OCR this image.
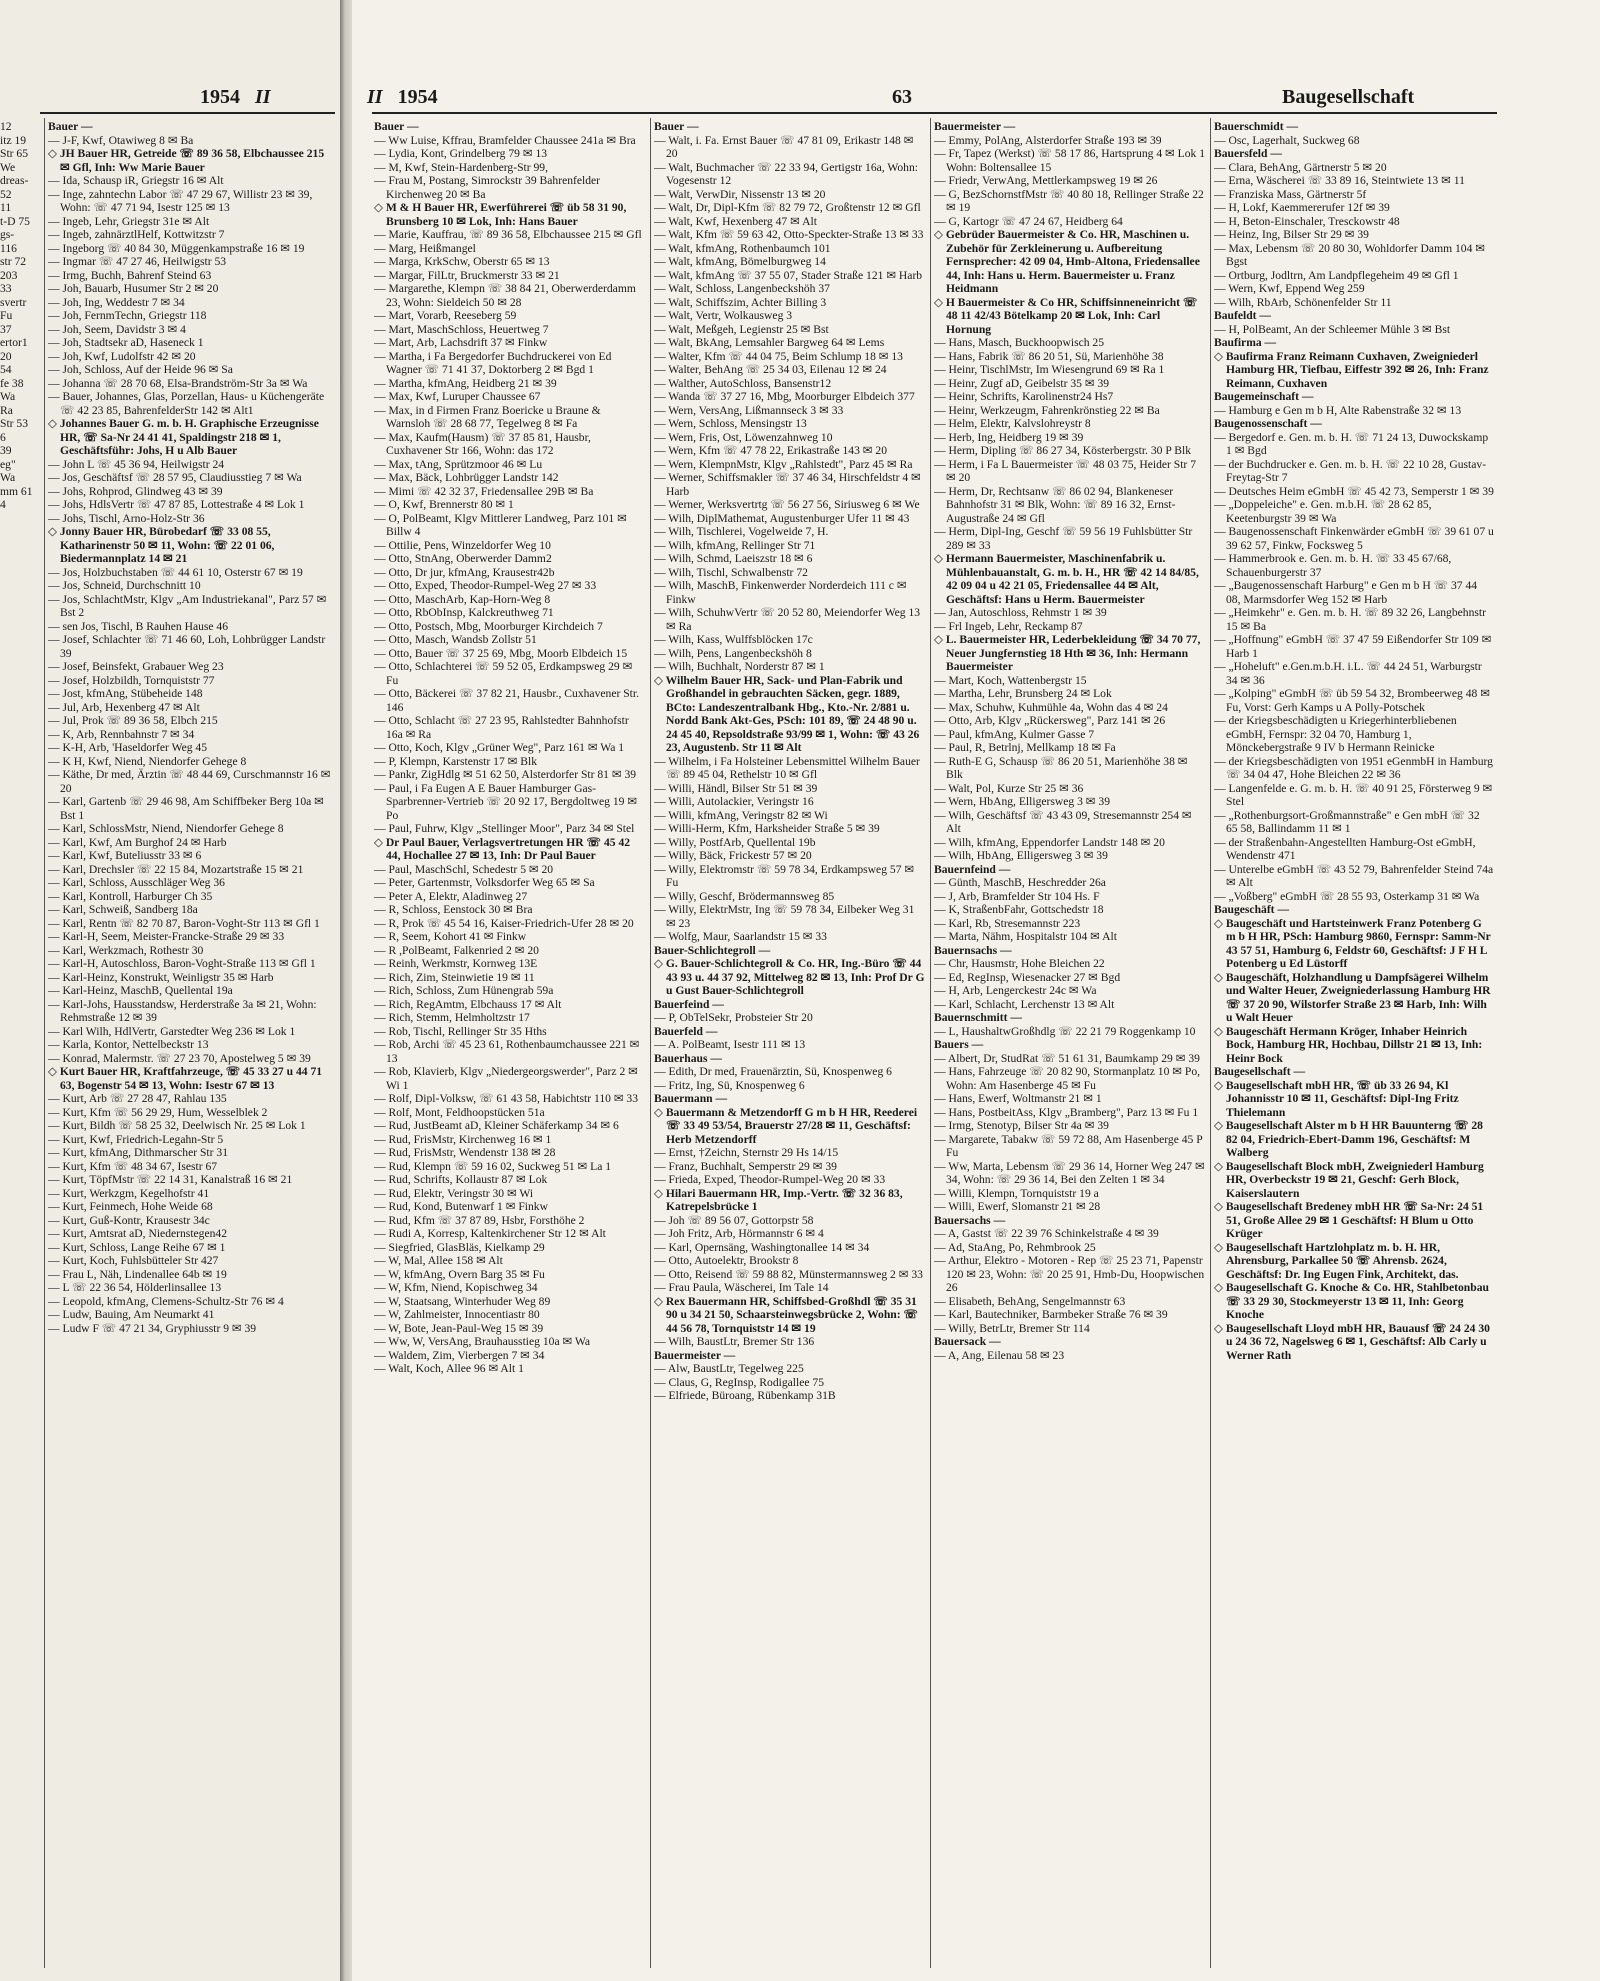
1954 II

12

itz 19

Str 65

We

dreas-

52

11

t-D 75

gs-

116

str 72

203

33

svertr

Fu

37

ertor1

20

54

fe 38

Wa

Ra

Str 53

6

39

eg"

Wa

mm 61

4

Bauer —

— J-F, Kwf, Otawiweg 8 ✉ Ba

◇ JH Bauer HR, Getreide ☏ 89 36 58, Elbchaussee 215 ✉ Gfl, Inh: Ww Marie Bauer

— Ida, Schausp iR, Griegstr 16 ✉ Alt

— Inge, zahntechn Labor ☏ 47 29 67, Willistr 23 ✉ 39, Wohn: ☏ 47 71 94, Isestr 125 ✉ 13

— Ingeb, Lehr, Griegstr 31e ✉ Alt

— Ingeb, zahnärztlHelf, Kottwitzstr 7

— Ingeborg ☏ 40 84 30, Müggenkampstraße 16 ✉ 19

— Ingmar ☏ 47 27 46, Heilwigstr 53

— Irmg, Buchh, Bahrenf Steind 63

— Joh, Bauarb, Husumer Str 2 ✉ 20

— Joh, Ing, Weddestr 7 ✉ 34

— Joh, FernmTechn, Griegstr 118

— Joh, Seem, Davidstr 3 ✉ 4

— Joh, Stadtsekr aD, Haseneck 1

— Joh, Kwf, Ludolfstr 42 ✉ 20

— Joh, Schloss, Auf der Heide 96 ✉ Sa

— Johanna ☏ 28 70 68, Elsa-Brandström-Str 3a ✉ Wa

— Bauer, Johannes, Glas, Porzellan, Haus- u Küchengeräte ☏ 42 23 85, BahrenfelderStr 142 ✉ Alt1

◇ Johannes Bauer G. m. b. H. Graphische Erzeugnisse HR, ☏ Sa-Nr 24 41 41, Spaldingstr 218 ✉ 1, Geschäftsführ: Johs, H u Alb Bauer

— John L ☏ 45 36 94, Heilwigstr 24

— Jos, Geschäftsf ☏ 28 57 95, Claudiusstieg 7 ✉ Wa

— Johs, Rohprod, Glindweg 43 ✉ 39

— Johs, HdlsVertr ☏ 47 87 85, Lottestraße 4 ✉ Lok 1

— Johs, Tischl, Arno-Holz-Str 36

◇ Jonny Bauer HR, Bürobedarf ☏ 33 08 55, Katharinenstr 50 ✉ 11, Wohn: ☏ 22 01 06, Biedermannplatz 14 ✉ 21

— Jos, Holzbuchstaben ☏ 44 61 10, Osterstr 67 ✉ 19

— Jos, Schneid, Durchschnitt 10

— Jos, SchlachtMstr, Klgv „Am Industriekanal", Parz 57 ✉ Bst 2

— sen Jos, Tischl, B Rauhen Hause 46

— Josef, Schlachter ☏ 71 46 60, Loh, Lohbrügger Landstr 39

— Josef, Beinsfekt, Grabauer Weg 23

— Josef, Holzbildh, Tornquiststr 77

— Jost, kfmAng, Stübeheide 148

— Jul, Arb, Hexenberg 47 ✉ Alt

— Jul, Prok ☏ 89 36 58, Elbch 215

— K, Arb, Rennbahnstr 7 ✉ 34

— K-H, Arb, 'Haseldorfer Weg 45

— K H, Kwf, Niend, Niendorfer Gehege 8

— Käthe, Dr med, Ärztin ☏ 48 44 69, Curschmannstr 16 ✉ 20

— Karl, Gartenb ☏ 29 46 98, Am Schiffbeker Berg 10a ✉ Bst 1

— Karl, SchlossMstr, Niend, Niendorfer Gehege 8

— Karl, Kwf, Am Burghof 24 ✉ Harb

— Karl, Kwf, Buteliusstr 33 ✉ 6

— Karl, Drechsler ☏ 22 15 84, Mozartstraße 15 ✉ 21

— Karl, Schloss, Ausschläger Weg 36

— Karl, Kontroll, Harburger Ch 35

— Karl, Schweiß, Sandberg 18a

— Karl, Rentn ☏ 82 70 87, Baron-Voght-Str 113 ✉ Gfl 1

— Karl-H, Seem, Meister-Francke-Straße 29 ✉ 33

— Karl, Werkzmach, Rothestr 30

— Karl-H, Autoschloss, Baron-Voght-Straße 113 ✉ Gfl 1

— Karl-Heinz, Konstrukt, Weinligstr 35 ✉ Harb

— Karl-Heinz, MaschB, Quellental 19a

— Karl-Johs, Hausstandsw, Herderstraße 3a ✉ 21, Wohn: Rehmstraße 12 ✉ 39

— Karl Wilh, HdlVertr, Garstedter Weg 236 ✉ Lok 1

— Karla, Kontor, Nettelbeckstr 13

— Konrad, Malermstr. ☏ 27 23 70, Apostelweg 5 ✉ 39

◇ Kurt Bauer HR, Kraftfahrzeuge, ☏ 45 33 27 u 44 71 63, Bogenstr 54 ✉ 13, Wohn: Isestr 67 ✉ 13

— Kurt, Arb ☏ 27 28 47, Rahlau 135

— Kurt, Kfm ☏ 56 29 29, Hum, Wesselblek 2

— Kurt, Bildh ☏ 58 25 32, Deelwisch Nr. 25 ✉ Lok 1

— Kurt, Kwf, Friedrich-Legahn-Str 5

— Kurt, kfmAng, Dithmarscher Str 31

— Kurt, Kfm ☏ 48 34 67, Isestr 67

— Kurt, TöpfMstr ☏ 22 14 31, Kanalstraß 16 ✉ 21

— Kurt, Werkzgm, Kegelhofstr 41

— Kurt, Feinmech, Hohe Weide 68

— Kurt, Guß-Kontr, Krausestr 34c

— Kurt, Amtsrat aD, Niedernstegen42

— Kurt, Schloss, Lange Reihe 67 ✉ 1

— Kurt, Koch, Fuhlsbütteler Str 427

— Frau L, Näh, Lindenallee 64b ✉ 19

— L ☏ 22 36 54, Hölderlinsallee 13

— Leopold, kfmAng, Clemens-Schultz-Str 76 ✉ 4

— Ludw, Bauing, Am Neumarkt 41

— Ludw F ☏ 47 21 34, Gryphiusstr 9 ✉ 39

II 1954	63	Baugesellschaft

Bauer —

— Ww Luise, Kffrau, Bramfelder Chaussee 241a ✉ Bra

— Lydia, Kont, Grindelberg 79 ✉ 13

— M, Kwf, Stein-Hardenberg-Str 99,

— Frau M, Postang, Simrockstr 39 Bahrenfelder Kirchenweg 20 ✉ Ba

◇ M & H Bauer HR, Ewerführerei ☏ üb 58 31 90, Brunsberg 10 ✉ Lok, Inh: Hans Bauer

— Marie, Kauffrau, ☏ 89 36 58, Elbchaussee 215 ✉ Gfl

— Marg, Heißmangel

— Marga, KrkSchw, Oberstr 65 ✉ 13

— Margar, FilLtr, Bruckmerstr 33 ✉ 21

— Margarethe, Klempn ☏ 38 84 21, Oberwerderdamm 23, Wohn: Sieldeich 50 ✉ 28

— Mart, Vorarb, Reeseberg 59

— Mart, MaschSchloss, Heuertweg 7

— Mart, Arb, Lachsdrift 37 ✉ Finkw

— Martha, i Fa Bergedorfer Buchdruckerei von Ed Wagner ☏ 71 41 37, Doktorberg 2 ✉ Bgd 1

— Martha, kfmAng, Heidberg 21 ✉ 39

— Max, Kwf, Luruper Chaussee 67

— Max, in d Firmen Franz Boericke u Braune & Warnsloh ☏ 28 68 77, Tegelweg 8 ✉ Fa

— Max, Kaufm(Hausm) ☏ 37 85 81, Hausbr, Cuxhavener Str 166, Wohn: das 172

— Max, tAng, Sprützmoor 46 ✉ Lu

— Max, Bäck, Lohbrügger Landstr 142

— Mimi ☏ 42 32 37, Friedensallee 29B ✉ Ba

— O, Kwf, Brennerstr 80 ✉ 1

— O, PolBeamt, Klgv Mittlerer Landweg, Parz 101 ✉ Billw 4

— Ottilie, Pens, Winzeldorfer Weg 10

— Otto, StnAng, Oberwerder Damm2

— Otto, Dr jur, kfmAng, Krausestr42b

— Otto, Exped, Theodor-Rumpel-Weg 27 ✉ 33

— Otto, MaschArb, Kap-Horn-Weg 8

— Otto, RbObInsp, Kalckreuthweg 71

— Otto, Postsch, Mbg, Moorburger Kirchdeich 7

— Otto, Masch, Wandsb Zollstr 51

— Otto, Bauer ☏ 37 25 69, Mbg, Moorb Elbdeich 15

— Otto, Schlachterei ☏ 59 52 05, Erdkampsweg 29 ✉ Fu

— Otto, Bäckerei ☏ 37 82 21, Hausbr., Cuxhavener Str. 146

— Otto, Schlacht ☏ 27 23 95, Rahlstedter Bahnhofstr 16a ✉ Ra

— Otto, Koch, Klgv „Grüner Weg", Parz 161 ✉ Wa 1

— P, Klempn, Karstenstr 17 ✉ Blk

— Pankr, ZigHdlg ✉ 51 62 50, Alsterdorfer Str 81 ✉ 39

— Paul, i Fa Eugen A E Bauer Hamburger Gas-Sparbrenner-Vertrieb ☏ 20 92 17, Bergdoltweg 19 ✉ Po

— Paul, Fuhrw, Klgv „Stellinger Moor", Parz 34 ✉ Stel

◇ Dr Paul Bauer, Verlagsvertretungen HR ☏ 45 42 44, Hochallee 27 ✉ 13, Inh: Dr Paul Bauer

— Paul, MaschSchl, Schedestr 5 ✉ 20

— Peter, Gartenmstr, Volksdorfer Weg 65 ✉ Sa

— Peter A, Elektr, Aladinweg 27

— R, Schloss, Eenstock 30 ✉ Bra

— R, Prok ☏ 45 54 16, Kaiser-Friedrich-Ufer 28 ✉ 20

— R, Seem, Kohort 41 ✉ Finkw

— R ,PolBeamt, Falkenried 2 ✉ 20

— Reinh, Werkmstr, Kornweg 13E

— Rich, Zim, Steinwietie 19 ✉ 11

— Rich, Schloss, Zum Hünengrab 59a

— Rich, RegAmtm, Elbchauss 17 ✉ Alt

— Rich, Stemm, Helmholtzstr 17

— Rob, Tischl, Rellinger Str 35 Hths

— Rob, Archi ☏ 45 23 61, Rothenbaumchaussee 221 ✉ 13

— Rob, Klavierb, Klgv „Niedergeorgswerder", Parz 2 ✉ Wi 1

— Rolf, Dipl-Volksw, ☏ 61 43 58, Habichtstr 110 ✉ 33

— Rolf, Mont, Feldhoopstücken 51a

— Rud, JustBeamt aD, Kleiner Schäferkamp 34 ✉ 6

— Rud, FrisMstr, Kirchenweg 16 ✉ 1

— Rud, FrisMstr, Wendenstr 138 ✉ 28

— Rud, Klempn ☏ 59 16 02, Suckweg 51 ✉ La 1

— Rud, Schrifts, Kollaustr 87 ✉ Lok

— Rud, Elektr, Veringstr 30 ✉ Wi

— Rud, Kond, Butenwarf 1 ✉ Finkw

— Rud, Kfm ☏ 37 87 89, Hsbr, Forsthöhe 2

— Rudi A, Korresp, Kaltenkirchener Str 12 ✉ Alt

— Siegfried, GlasBläs, Kielkamp 29

— W, Mal, Allee 158 ✉ Alt

— W, kfmAng, Overn Barg 35 ✉ Fu

— W, Kfm, Niend, Kopischweg 34

— W, Staatsang, Winterhuder Weg 89

— W, Zahlmeister, Innocentiastr 80

— W, Bote, Jean-Paul-Weg 15 ✉ 39

— Ww, W, VersAng, Brauhausstieg 10a ✉ Wa

— Waldem, Zim, Vierbergen 7 ✉ 34

— Walt, Koch, Allee 96 ✉ Alt 1

Bauer —

— Walt, i. Fa. Ernst Bauer ☏ 47 81 09, Erikastr 148 ✉ 20

— Walt, Buchmacher ☏ 22 33 94, Gertigstr 16a, Wohn: Vogesenstr 12

— Walt, VerwDir, Nissenstr 13 ✉ 20

— Walt, Dr, Dipl-Kfm ☏ 82 79 72, Großtenstr 12 ✉ Gfl

— Walt, Kwf, Hexenberg 47 ✉ Alt

— Walt, Kfm ☏ 59 63 42, Otto-Speckter-Straße 13 ✉ 33

— Walt, kfmAng, Rothenbaumch 101

— Walt, kfmAng, Bömelburgweg 14

— Walt, kfmAng ☏ 37 55 07, Stader Straße 121 ✉ Harb

— Walt, Schloss, Langenbeckshöh 37

— Walt, Schiffszim, Achter Billing 3

— Walt, Vertr, Wolkausweg 3

— Walt, Meßgeh, Legienstr 25 ✉ Bst

— Walt, BkAng, Lemsahler Bargweg 64 ✉ Lems

— Walter, Kfm ☏ 44 04 75, Beim Schlump 18 ✉ 13

— Walter, BehAng ☏ 25 34 03, Eilenau 12 ✉ 24

— Walther, AutoSchloss, Bansenstr12

— Wanda ☏ 37 27 16, Mbg, Moorburger Elbdeich 377

— Wern, VersAng, Lißmannseck 3 ✉ 33

— Wern, Schloss, Mensingstr 13

— Wern, Fris, Ost, Löwenzahnweg 10

— Wern, Kfm ☏ 47 78 22, Erikastraße 143 ✉ 20

— Wern, KlempnMstr, Klgv „Rahlstedt", Parz 45 ✉ Ra

— Werner, Schiffsmakler ☏ 37 46 34, Hirschfeldstr 4 ✉ Harb

— Werner, Werksvertrtg ☏ 56 27 56, Siriusweg 6 ✉ We

— Wilh, DiplMathemat, Augustenburger Ufer 11 ✉ 43

— Wilh, Tischlerei, Vogelweide 7, H.

— Wilh, kfmAng, Rellinger Str 71

— Wilh, Schmd, Laeiszstr 18 ✉ 6

— Wilh, Tischl, Schwalbenstr 72

— Wilh, MaschB, Finkenwerder Norderdeich 111 c ✉ Finkw

— Wilh, SchuhwVertr ☏ 20 52 80, Meiendorfer Weg 13 ✉ Ra

— Wilh, Kass, Wulffsblöcken 17c

— Wilh, Pens, Langenbeckshöh 8

— Wilh, Buchhalt, Norderstr 87 ✉ 1

◇ Wilhelm Bauer HR, Sack- und Plan-Fabrik und Großhandel in gebrauchten Säcken, gegr. 1889, BCto: Landeszentralbank Hbg., Kto.-Nr. 2/881 u. Nordd Bank Akt-Ges, PSch: 101 89, ☏ 24 48 90 u. 24 45 40, Repsoldstraße 93/99 ✉ 1, Wohn: ☏ 43 26 23, Augustenb. Str 11 ✉ Alt

— Wilhelm, i Fa Holsteiner Lebensmittel Wilhelm Bauer ☏ 89 45 04, Rethelstr 10 ✉ Gfl

— Willi, Händl, Bilser Str 51 ✉ 39

— Willi, Autolackier, Veringstr 16

— Willi, kfmAng, Veringstr 82 ✉ Wi

— Willi-Herm, Kfm, Harksheider Straße 5 ✉ 39

— Willy, PostfArb, Quellental 19b

— Willy, Bäck, Frickestr 57 ✉ 20

— Willy, Elektromstr ☏ 59 78 34, Erdkampsweg 57 ✉ Fu

— Willy, Geschf, Brödermannsweg 85

— Willy, ElektrMstr, Ing ☏ 59 78 34, Eilbeker Weg 31 ✉ 23

— Wolfg, Maur, Saarlandstr 15 ✉ 33

Bauer-Schlichtegroll —

◇ G. Bauer-Schlichtegroll & Co. HR, Ing.-Büro ☏ 44 43 93 u. 44 37 92, Mittelweg 82 ✉ 13, Inh: Prof Dr G u Gust Bauer-Schlichtegroll

Bauerfeind —

— P, ObTelSekr, Probsteier Str 20

Bauerfeld —

— A. PolBeamt, Isestr 111 ✉ 13

Bauerhaus —

— Edith, Dr med, Frauenärztin, Sü, Knospenweg 6

— Fritz, Ing, Sü, Knospenweg 6

Bauermann —

◇ Bauermann & Metzendorff G m b H HR, Reederei ☏ 33 49 53/54, Brauerstr 27/28 ✉ 11, Geschäftsf: Herb Metzendorff

— Ernst, †Zeichn, Sternstr 29 Hs 14/15

— Franz, Buchhalt, Semperstr 29 ✉ 39

— Frieda, Exped, Theodor-Rumpel-Weg 20 ✉ 33

◇ Hilari Bauermann HR, Imp.-Vertr. ☏ 32 36 83, Katrepelsbrücke 1

— Joh ☏ 89 56 07, Gottorpstr 58

— Joh Fritz, Arb, Hörmannstr 6 ✉ 4

— Karl, Opernsäng, Washingtonallee 14 ✉ 34

— Otto, Autoelektr, Brookstr 8

— Otto, Reisend ☏ 59 88 82, Münstermannsweg 2 ✉ 33

— Frau Paula, Wäscherei, Im Tale 14

◇ Rex Bauermann HR, Schiffsbed-Großhdl ☏ 35 31 90 u 34 21 50, Schaarsteinwegsbrücke 2, Wohn: ☏ 44 56 78, Tornquiststr 14 ✉ 19

— Wilh, BaustLtr, Bremer Str 136

Bauermeister —

— Alw, BaustLtr, Tegelweg 225

— Claus, G, RegInsp, Rodigallee 75

— Elfriede, Büroang, Rübenkamp 31B

Bauermeister —

— Emmy, PolAng, Alsterdorfer Straße 193 ✉ 39

— Fr, Tapez (Werkst) ☏ 58 17 86, Hartsprung 4 ✉ Lok 1 Wohn: Boltensallee 15

— Friedr, VerwAng, Mettlerkampsweg 19 ✉ 26

— G, BezSchornstfMstr ☏ 40 80 18, Rellinger Straße 22 ✉ 19

— G, Kartogr ☏ 47 24 67, Heidberg 64

◇ Gebrüder Bauermeister & Co. HR, Maschinen u. Zubehör für Zerkleinerung u. Aufbereitung Fernsprecher: 42 09 04, Hmb-Altona, Friedensallee 44, Inh: Hans u. Herm. Bauermeister u. Franz Heidmann

◇ H Bauermeister & Co HR, Schiffsinneneinricht ☏ 48 11 42/43 Bötelkamp 20 ✉ Lok, Inh: Carl Hornung

— Hans, Masch, Buckhoopwisch 25

— Hans, Fabrik ☏ 86 20 51, Sü, Marienhöhe 38

— Heinr, TischlMstr, Im Wiesengrund 69 ✉ Ra 1

— Heinr, Zugf aD, Geibelstr 35 ✉ 39

— Heinr, Schrifts, Karolinenstr24 Hs7

— Heinr, Werkzeugm, Fahrenkrönstieg 22 ✉ Ba

— Helm, Elektr, Kalvslohreystr 8

— Herb, Ing, Heidberg 19 ✉ 39

— Herm, Dipling ☏ 86 27 34, Kösterbergstr. 30 P Blk

— Herm, i Fa L Bauermeister ☏ 48 03 75, Heider Str 7 ✉ 20

— Herm, Dr, Rechtsanw ☏ 86 02 94, Blankeneser Bahnhofstr 31 ✉ Blk, Wohn: ☏ 89 16 32, Ernst-Augustraße 24 ✉ Gfl

— Herm, Dipl-Ing, Geschf ☏ 59 56 19 Fuhlsbütter Str 289 ✉ 33

◇ Hermann Bauermeister, Maschinenfabrik u. Mühlenbauanstalt, G. m. b. H., HR ☏ 42 14 84/85, 42 09 04 u 42 21 05, Friedensallee 44 ✉ Alt, Geschäftsf: Hans u Herm. Bauermeister

— Jan, Autoschloss, Rehmstr 1 ✉ 39

— Frl Ingeb, Lehr, Reckamp 87

◇ L. Bauermeister HR, Lederbekleidung ☏ 34 70 77, Neuer Jungfernstieg 18 Hth ✉ 36, Inh: Hermann Bauermeister

— Mart, Koch, Wattenbergstr 15

— Martha, Lehr, Brunsberg 24 ✉ Lok

— Max, Schuhw, Kuhmühle 4a, Wohn das 4 ✉ 24

— Otto, Arb, Klgv „Rückersweg", Parz 141 ✉ 26

— Paul, kfmAng, Kulmer Gasse 7

— Paul, R, Betrlnj, Mellkamp 18 ✉ Fa

— Ruth-E G, Schausp ☏ 86 20 51, Marienhöhe 38 ✉ Blk

— Walt, Pol, Kurze Str 25 ✉ 36

— Wern, HbAng, Elligersweg 3 ✉ 39

— Wilh, Geschäftsf ☏ 43 43 09, Stresemannstr 254 ✉ Alt

— Wilh, kfmAng, Eppendorfer Landstr 148 ✉ 20

— Wilh, HbAng, Elligersweg 3 ✉ 39

Bauernfeind —

— Günth, MaschB, Heschredder 26a

— J, Arb, Bramfelder Str 104 Hs. F

— K, StraßenbFahr, Gottschedstr 18

— Karl, Rb, Stresemannstr 223

— Marta, Nähm, Hospitalstr 104 ✉ Alt

Bauernsachs —

— Chr, Hausmstr, Hohe Bleichen 22

— Ed, RegInsp, Wiesenacker 27 ✉ Bgd

— H, Arb, Lengerckestr 24c ✉ Wa

— Karl, Schlacht, Lerchenstr 13 ✉ Alt

Bauernschmitt —

— L, HaushaltwGroßhdlg ☏ 22 21 79 Roggenkamp 10

Bauers —

— Albert, Dr, StudRat ☏ 51 61 31, Baumkamp 29 ✉ 39

— Hans, Fahrzeuge ☏ 20 82 90, Stormanplatz 10 ✉ Po, Wohn: Am Hasenberge 45 ✉ Fu

— Hans, Ewerf, Woltmanstr 21 ✉ 1

— Hans, PostbeitAss, Klgv „Bramberg", Parz 13 ✉ Fu 1

— Irmg, Stenotyp, Bilser Str 4a ✉ 39

— Margarete, Tabakw ☏ 59 72 88, Am Hasenberge 45 P Fu

— Ww, Marta, Lebensm ☏ 29 36 14, Horner Weg 247 ✉ 34, Wohn: ☏ 29 36 14, Bei den Zelten 1 ✉ 34

— Willi, Klempn, Tornquiststr 19 a

— Willi, Ewerf, Slomanstr 21 ✉ 28

Bauersachs —

— A, Gastst ☏ 22 39 76 Schinkelstraße 4 ✉ 39

— Ad, StaAng, Po, Rehmbrook 25

— Arthur, Elektro - Motoren - Rep ☏ 25 23 71, Papenstr 120 ✉ 23, Wohn: ☏ 20 25 91, Hmb-Du, Hoopwischen 26

— Elisabeth, BehAng, Sengelmannstr 63

— Karl, Bautechniker, Barmbeker Straße 76 ✉ 39

— Willy, BetrLtr, Bremer Str 114

Bauersack —

— A, Ang, Eilenau 58 ✉ 23

Bauerschmidt —

— Osc, Lagerhalt, Suckweg 68

Bauersfeld —

— Clara, BehAng, Gärtnerstr 5 ✉ 20

— Erna, Wäscherei ☏ 33 89 16, Steintwiete 13 ✉ 11

— Franziska Mass, Gärtnerstr 5f

— H, Lokf, Kaemmererufer 12f ✉ 39

— H, Beton-Einschaler, Tresckowstr 48

— Heinz, Ing, Bilser Str 29 ✉ 39

— Max, Lebensm ☏ 20 80 30, Wohldorfer Damm 104 ✉ Bgst

— Ortburg, Jodltrn, Am Landpflegeheim 49 ✉ Gfl 1

— Wern, Kwf, Eppend Weg 259

— Wilh, RbArb, Schönenfelder Str 11

Baufeldt —

— H, PolBeamt, An der Schleemer Mühle 3 ✉ Bst

Baufirma —

◇ Baufirma Franz Reimann Cuxhaven, Zweigniederl Hamburg HR, Tiefbau, Eiffestr 392 ✉ 26, Inh: Franz Reimann, Cuxhaven

Baugemeinschaft —

— Hamburg e Gen m b H, Alte Rabenstraße 32 ✉ 13

Baugenossenschaft —

— Bergedorf e. Gen. m. b. H. ☏ 71 24 13, Duwockskamp 1 ✉ Bgd

— der Buchdrucker e. Gen. m. b. H. ☏ 22 10 28, Gustav-Freytag-Str 7

— Deutsches Heim eGmbH ☏ 45 42 73, Semperstr 1 ✉ 39

— „Doppeleiche" e. Gen. m.b.H. ☏ 28 62 85, Keetenburgstr 39 ✉ Wa

— Baugenossenschaft Finkenwärder eGmbH ☏ 39 61 07 u 39 62 57, Finkw, Focksweg 5

— Hammerbrook e. Gen. m. b. H. ☏ 33 45 67/68, Schauenburgerstr 37

— „Baugenossenschaft Harburg" e Gen m b H ☏ 37 44 08, Marmsdorfer Weg 152 ✉ Harb

— „Heimkehr" e. Gen. m. b. H. ☏ 89 32 26, Langbehnstr 15 ✉ Ba

— „Hoffnung" eGmbH ☏ 37 47 59 Eißendorfer Str 109 ✉ Harb 1

— „Hoheluft" e.Gen.m.b.H. i.L. ☏ 44 24 51, Warburgstr 34 ✉ 36

— „Kolping" eGmbH ☏ üb 59 54 32, Brombeerweg 48 ✉ Fu, Vorst: Gerh Kamps u A Polly-Potschek

— der Kriegsbeschädigten u Kriegerhinterbliebenen eGmbH, Fernspr: 32 04 70, Hamburg 1, Mönckebergstraße 9 IV b Hermann Reinicke

— der Kriegsbeschädigten von 1951 eGenmbH in Hamburg ☏ 34 04 47, Hohe Bleichen 22 ✉ 36

— Langenfelde e. G. m. b. H. ☏ 40 91 25, Försterweg 9 ✉ Stel

— „Rothenburgsort-Großmannstraße" e Gen mbH ☏ 32 65 58, Ballindamm 11 ✉ 1

— der Straßenbahn-Angestellten Hamburg-Ost eGmbH, Wendenstr 471

— Unterelbe eGmbH ☏ 43 52 79, Bahrenfelder Steind 74a ✉ Alt

— „Voßberg" eGmbH ☏ 28 55 93, Osterkamp 31 ✉ Wa

Baugeschäft —

◇ Baugeschäft und Hartsteinwerk Franz Potenberg G m b H HR, PSch: Hamburg 9860, Fernspr: Samm-Nr 43 57 51, Hamburg 6, Feldstr 60, Geschäftsf: J F H L Potenberg u Ed Lüstorff

◇ Baugeschäft, Holzhandlung u Dampfsägerei Wilhelm und Walter Heuer, Zweigniederlassung Hamburg HR ☏ 37 20 90, Wilstorfer Straße 23 ✉ Harb, Inh: Wilh u Walt Heuer

◇ Baugeschäft Hermann Kröger, Inhaber Heinrich Bock, Hamburg HR, Hochbau, Dillstr 21 ✉ 13, Inh: Heinr Bock

Baugesellschaft —

◇ Baugesellschaft mbH HR, ☏ üb 33 26 94, Kl Johannisstr 10 ✉ 11, Geschäftsf: Dipl-Ing Fritz Thielemann

◇ Baugesellschaft Alster m b H HR Bauunterng ☏ 28 82 04, Friedrich-Ebert-Damm 196, Geschäftsf: M Walberg

◇ Baugesellschaft Block mbH, Zweigniederl Hamburg HR, Overbeckstr 19 ✉ 21, Geschf: Gerh Block, Kaiserslautern

◇ Baugesellschaft Bredeney mbH HR ☏ Sa-Nr: 24 51 51, Große Allee 29 ✉ 1 Geschäftsf: H Blum u Otto Krüger

◇ Baugesellschaft Hartzlohplatz m. b. H. HR, Ahrensburg, Parkallee 50 ☏ Ahrensb. 2624, Geschäftsf: Dr. Ing Eugen Fink, Architekt, das.

◇ Baugesellschaft G. Knoche & Co. HR, Stahlbetonbau ☏ 33 29 30, Stockmeyerstr 13 ✉ 11, Inh: Georg Knoche

◇ Baugesellschaft Lloyd mbH HR, Bauausf ☏ 24 24 30 u 24 36 72, Nagelsweg 6 ✉ 1, Geschäftsf: Alb Carly u Werner Rath
